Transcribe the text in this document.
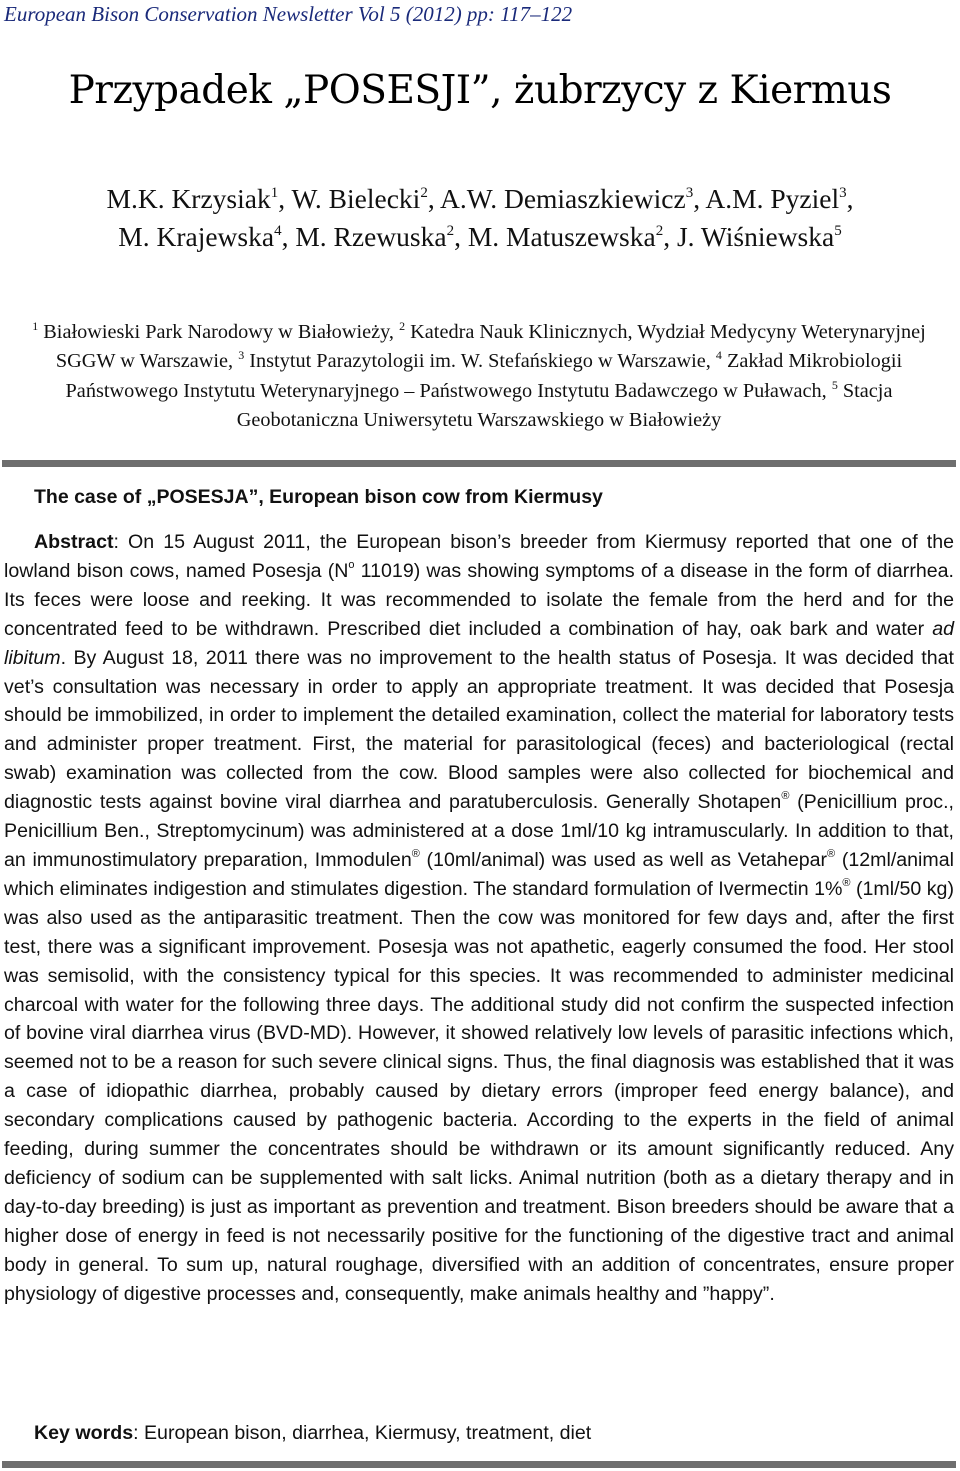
European Bison Conservation Newsletter Vol 5 (2012) pp: 117–122
Przypadek „POSESJI”, żubrzycy z Kiermus
M.K. Krzysiak$^1$, W. Bielecki$^2$, A.W. Demiaszkiewicz$^3$, A.M. Pyziel$^3$,
M. Krajewska$^4$, M. Rzewuska$^2$, M. Matuszewska$^2$, J. Wiśniewska$^5$
$^1$ Białowieski Park Narodowy w Białowieży, $^2$ Katedra Nauk Klinicznych, Wydział Medycyny Weterynaryjnej SGGW w Warszawie, $^3$ Instytut Parazytologii im. W. Stefańskiego w Warszawie, $^4$ Zakład Mikrobiologii Państwowego Instytutu Weterynaryjnego – Państwowego Instytutu Badawczego w Puławach, $^5$ Stacja Geobotaniczna Uniwersytetu Warszawskiego w Białowieży
The case of „POSESJA”, European bison cow from Kiermusy
Abstract: On 15 August 2011, the European bison’s breeder from Kiermusy reported that one of the lowland bison cows, named Posesja ($N^o$ 11019) was showing symptoms of a disease in the form of diarrhea. Its feces were loose and reeking. It was recommended to isolate the female from the herd and for the concentrated feed to be withdrawn. Prescribed diet included a combination of hay, oak bark and water ad libitum. By August 18, 2011 there was no improvement to the health status of Posesja. It was decided that vet’s consultation was necessary in order to apply an appropriate treatment. It was decided that Posesja should be immobilized, in order to implement the detailed examination, collect the material for laboratory tests and administer proper treatment. First, the material for parasitological (feces) and bacteriological (rectal swab) examination was collected from the cow. Blood samples were also collected for biochemical and diagnostic tests against bovine viral diarrhea and paratuberculosis. Generally Shotapen® (Penicillium proc., Penicillium Ben., Streptomycinum) was administered at a dose 1ml/10 kg intramuscularly. In addition to that, an immunostimulatory preparation, Immodulen® (10ml/animal) was used as well as Vetahepar® (12ml/animal which eliminates indigestion and stimulates digestion. The standard formulation of Ivermectin 1%® (1ml/50 kg) was also used as the antiparasitic treatment. Then the cow was monitored for few days and, after the first test, there was a significant improvement. Posesja was not apathetic, eagerly consumed the food. Her stool was semisolid, with the consistency typical for this species. It was recommended to administer medicinal charcoal with water for the following three days. The additional study did not confirm the suspected infection of bovine viral diarrhea virus (BVD-MD). However, it showed relatively low levels of parasitic infections which, seemed not to be a reason for such severe clinical signs. Thus, the final diagnosis was established that it was a case of idiopathic diarrhea, probably caused by dietary errors (improper feed energy balance), and secondary complications caused by pathogenic bacteria. According to the experts in the field of animal feeding, during summer the concentrates should be withdrawn or its amount significantly reduced. Any deficiency of sodium can be supplemented with salt licks. Animal nutrition (both as a dietary therapy and in day-to-day breeding) is just as important as prevention and treatment. Bison breeders should be aware that a higher dose of energy in feed is not necessarily positive for the functioning of the digestive tract and animal body in general. To sum up, natural roughage, diversified with an addition of concentrates, ensure proper physiology of digestive processes and, consequently, make animals healthy and ”happy”.
Key words: European bison, diarrhea, Kiermusy, treatment, diet
